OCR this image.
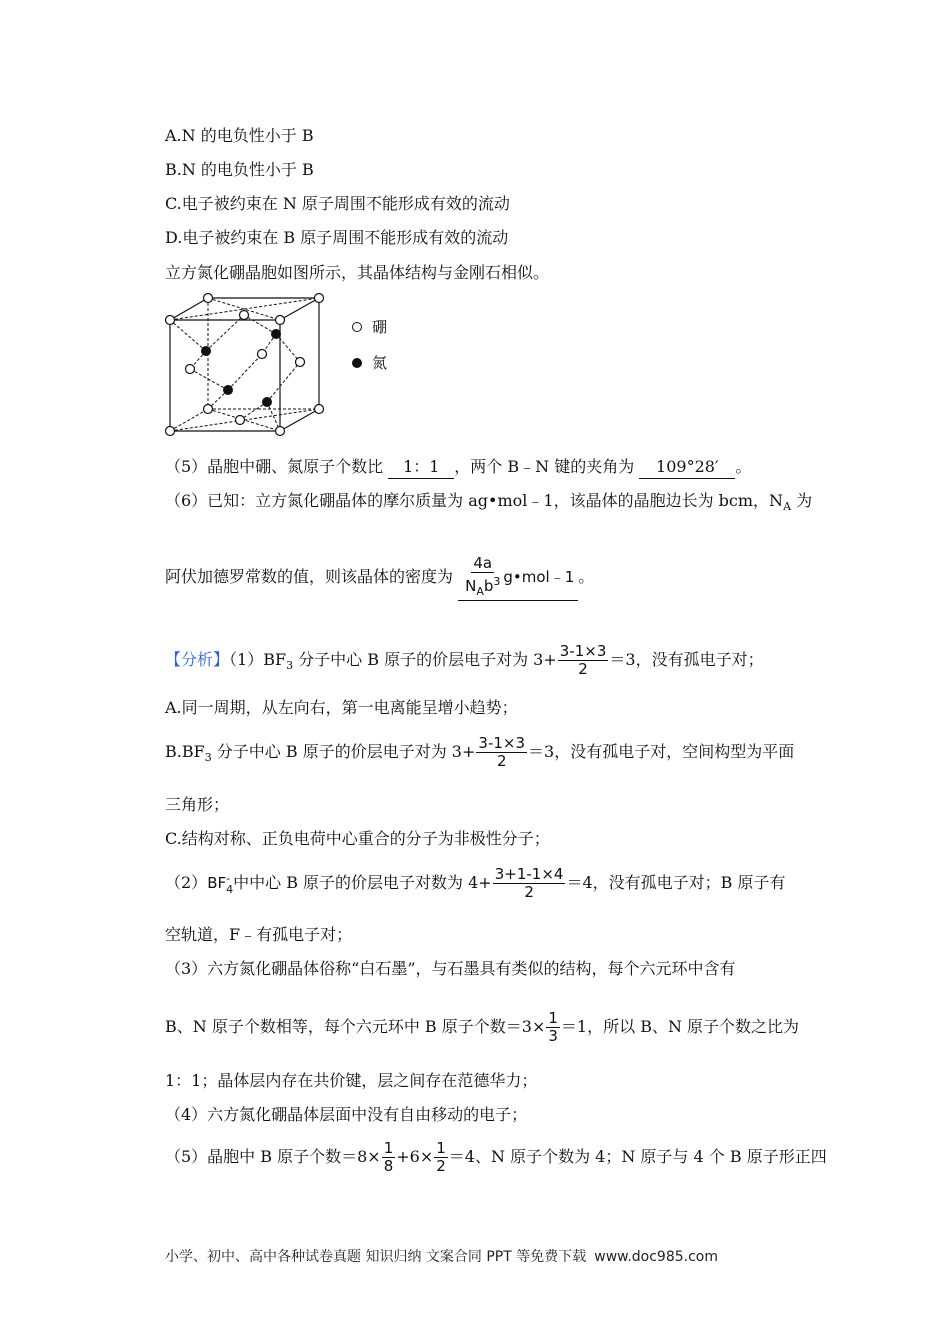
A.N 的电负性小于 B
B.N 的电负性小于 B
C.电子被约束在 N 原子周围不能形成有效的流动
D.电子被约束在 B 原子周围不能形成有效的流动
立方氮化硼晶胞如图所示，其晶体结构与金刚石相似。
硼
氮
（5）晶胞中硼、氮原子个数比 1：1 ，两个 B﹣N 键的夹角为 109°28′ 。
（6）已知：立方氮化硼晶体的摩尔质量为 ag•mol﹣1，该晶体的晶胞边长为 bcm，$N_A$ 为
阿伏加德罗常数的值，则该晶体的密度为 $\frac{4a}{N_Ab^3}$ g•mol﹣1 。
【分析】$(1)BF_3$ 分子中心 B 原子的价层电子对为 $3+ \frac{3-1\times 3}{2} =3$，没有孤电子对；
A.同一周期，从左向右，第一电离能呈增小趋势；
$B.BF_3$ 分子中心 B 原子的价层电子对为 $3+ \frac{3-1\times 3}{2} =3$，没有孤电子对，空间构型为平面
三角形；
C.结构对称、正负电荷中心重合的分子为非极性分子；
（2）BF -
4 中中心 B 原子的价层电子对数为 $4+ \frac{3+1-1\times 4}{2} =4$，没有孤电子对；B 原子有
空轨道，F﹣有孤电子对；
（3）六方氮化硼晶体俗称“白石墨”，与石墨具有类似的结构，每个六元环中含有
B、N 原子个数相等，每个六元环中 B 原子个数$=3\times \frac{1}{3} =1$，所以 B、N 原子个数之比为
1：1；晶体层内存在共价键，层之间存在范德华力；
（4）六方氮化硼晶体层面中没有自由移动的电子；
（5）晶胞中 B 原子个数$=8\times \frac{1}{8} +6\times \frac{1}{2} =4$、N 原子个数为 4；N 原子与 4 个 B 原子形正四
小学、初中、高中各种试卷真题 知识归纳 文案合同 PPT 等免费下载 www.doc985.com
